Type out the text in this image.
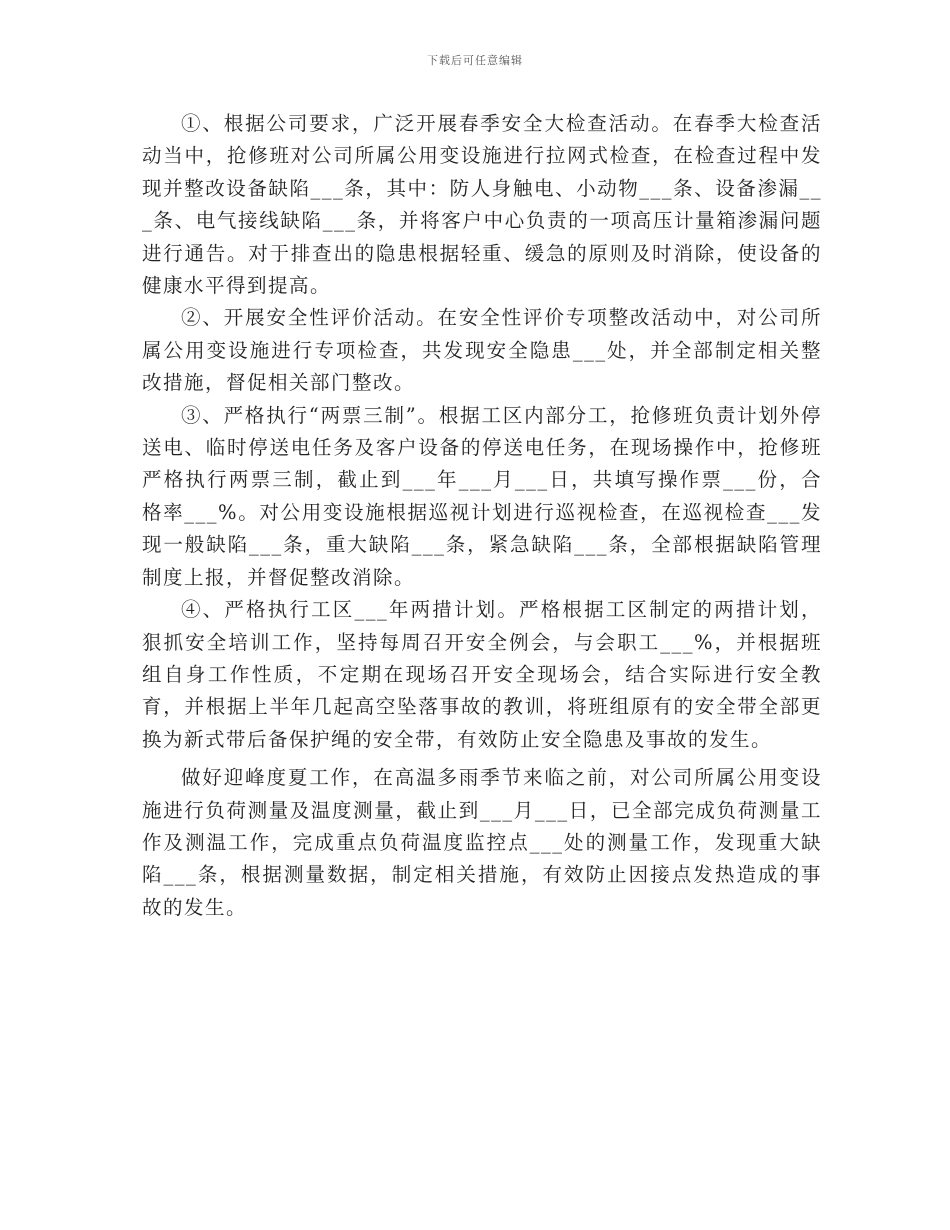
下载后可任意编辑

①、根据公司要求，广泛开展春季安全大检查活动。在春季大检查活动当中，抢修班对公司所属公用变设施进行拉网式检查，在检查过程中发现并整改设备缺陷___条，其中：防人身触电、小动物___条、设备渗漏___条、电气接线缺陷___条，并将客户中心负责的一项高压计量箱渗漏问题进行通告。对于排查出的隐患根据轻重、缓急的原则及时消除，使设备的健康水平得到提高。

②、开展安全性评价活动。在安全性评价专项整改活动中，对公司所属公用变设施进行专项检查，共发现安全隐患___处，并全部制定相关整改措施，督促相关部门整改。

③、严格执行“两票三制”。根据工区内部分工，抢修班负责计划外停送电、临时停送电任务及客户设备的停送电任务，在现场操作中，抢修班严格执行两票三制，截止到___年___月___日，共填写操作票___份，合格率___%。对公用变设施根据巡视计划进行巡视检查，在巡视检查___发现一般缺陷___条，重大缺陷___条，紧急缺陷___条，全部根据缺陷管理制度上报，并督促整改消除。

④、严格执行工区___年两措计划。严格根据工区制定的两措计划，狠抓安全培训工作，坚持每周召开安全例会，与会职工___%，并根据班组自身工作性质，不定期在现场召开安全现场会，结合实际进行安全教育，并根据上半年几起高空坠落事故的教训，将班组原有的安全带全部更换为新式带后备保护绳的安全带，有效防止安全隐患及事故的发生。

做好迎峰度夏工作，在高温多雨季节来临之前，对公司所属公用变设施进行负荷测量及温度测量，截止到___月___日，已全部完成负荷测量工作及测温工作，完成重点负荷温度监控点___处的测量工作，发现重大缺陷___条，根据测量数据，制定相关措施，有效防止因接点发热造成的事故的发生。
